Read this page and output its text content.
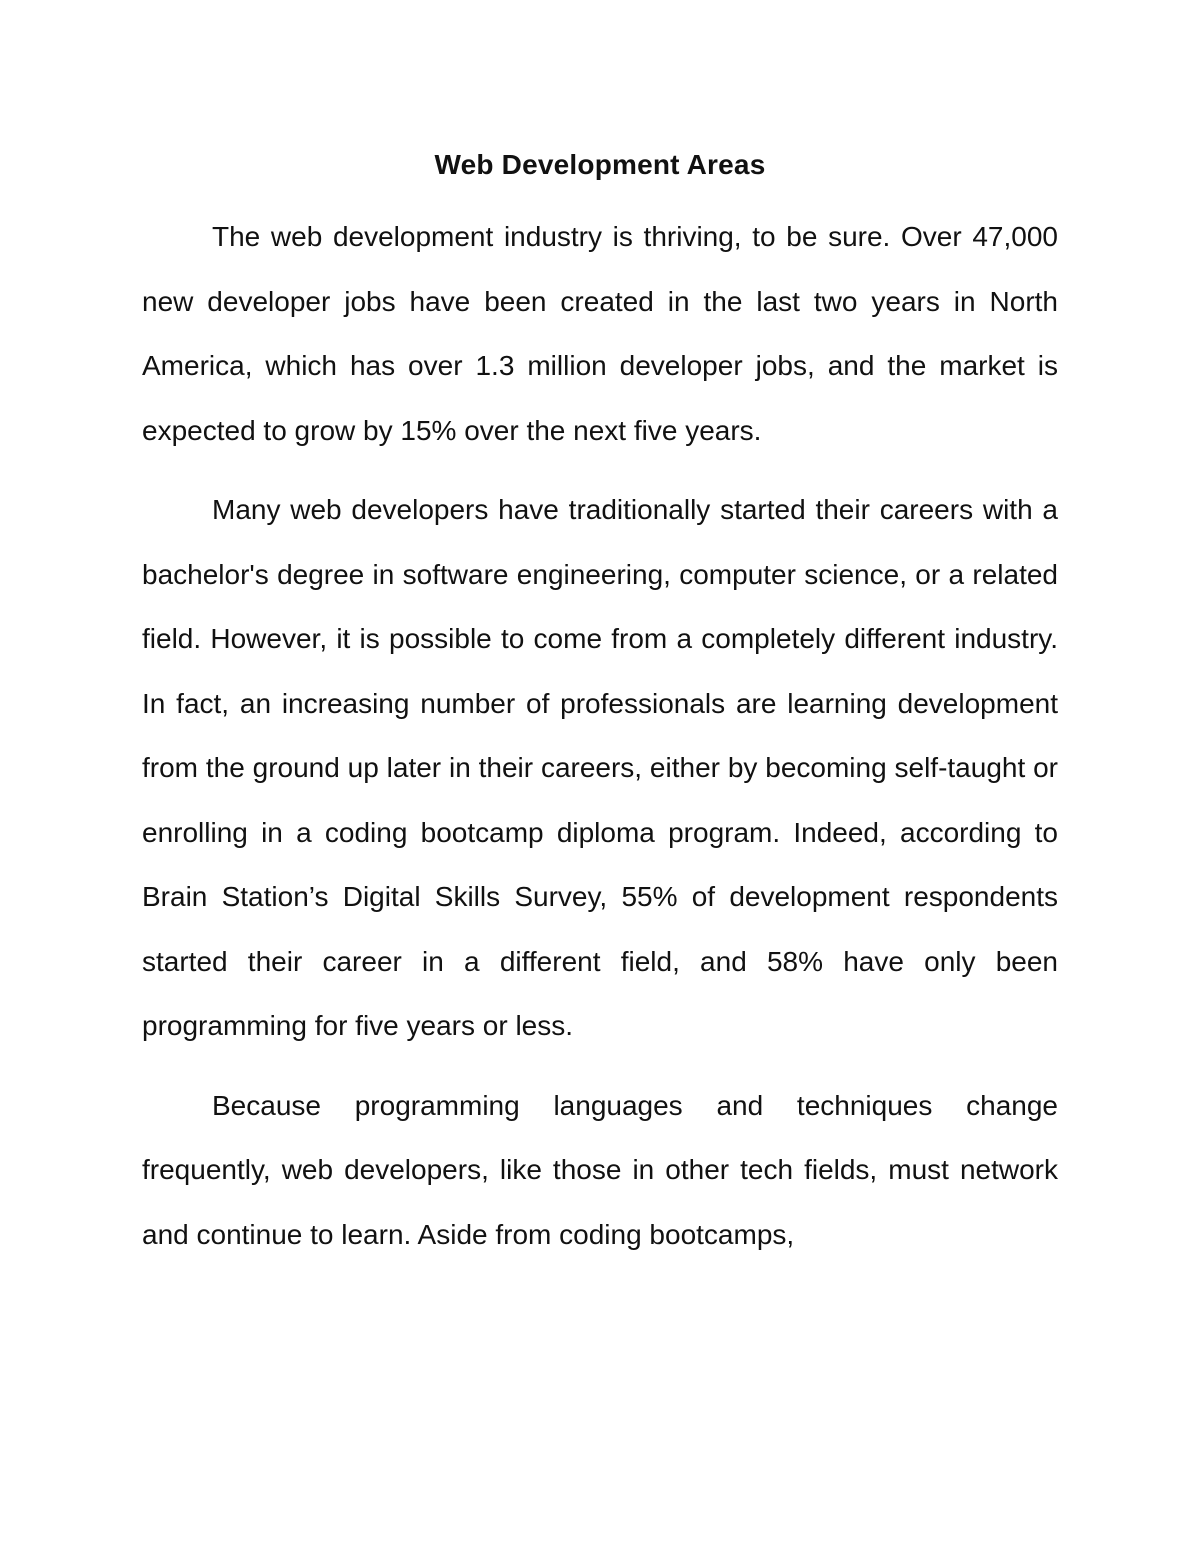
Web Development Areas

The web development industry is thriving, to be sure. Over 47,000 new developer jobs have been created in the last two years in North America, which has over 1.3 million developer jobs, and the market is expected to grow by 15% over the next five years.

Many web developers have traditionally started their careers with a bachelor's degree in software engineering, computer science, or a related field. However, it is possible to come from a completely different industry. In fact, an increasing number of professionals are learning development from the ground up later in their careers, either by becoming self-taught or enrolling in a coding bootcamp diploma program. Indeed, according to Brain Station’s Digital Skills Survey, 55% of development respondents started their career in a different field, and 58% have only been programming for five years or less.

Because programming languages and techniques change frequently, web developers, like those in other tech fields, must network and continue to learn. Aside from coding bootcamps,
